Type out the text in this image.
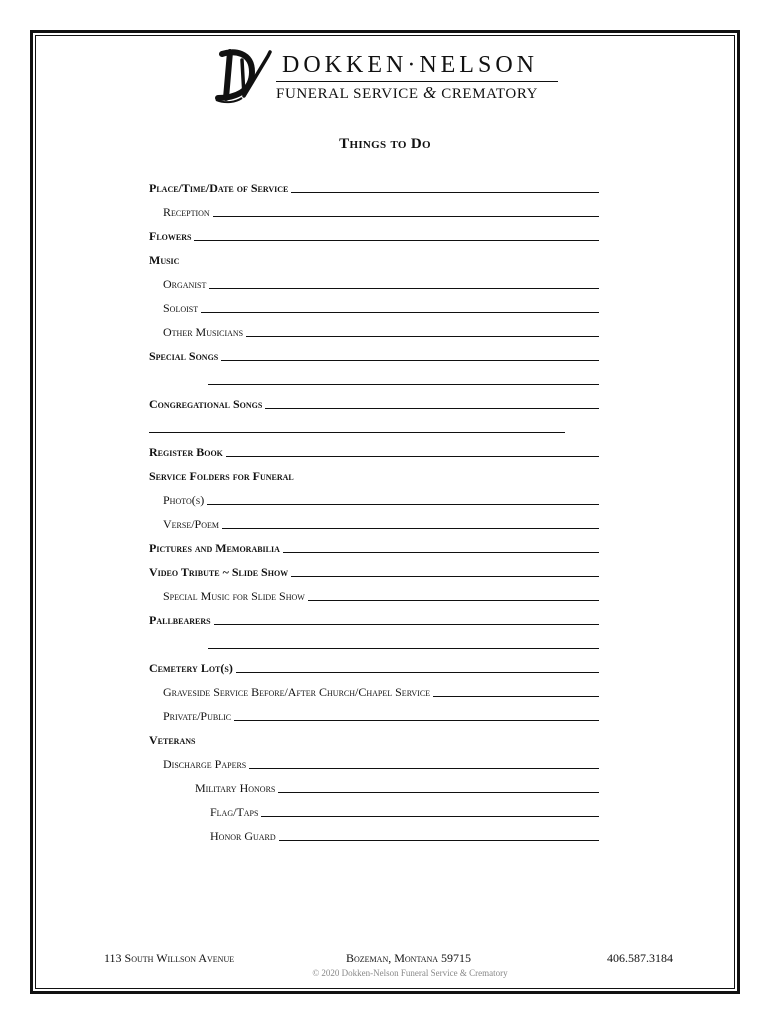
DOKKEN·NELSON
FUNERAL SERVICE & CREMATORY
Things to Do
Place/Time/Date of Service
Reception
Flowers
Music
Organist
Soloist
Other Musicians
Special Songs
Congregational Songs
Register Book
Service Folders for Funeral
Photo(s)
Verse/Poem
Pictures and Memorabilia
Video Tribute ~ Slide Show
Special Music for Slide Show
Pallbearers
Cemetery Lot(s)
Graveside Service Before/After Church/Chapel Service
Private/Public
Veterans
Discharge Papers
Military Honors
Flag/Taps
Honor Guard
113 South Willson Avenue	Bozeman, Montana 59715	406.587.3184
© 2020 Dokken-Nelson Funeral Service & Crematory
